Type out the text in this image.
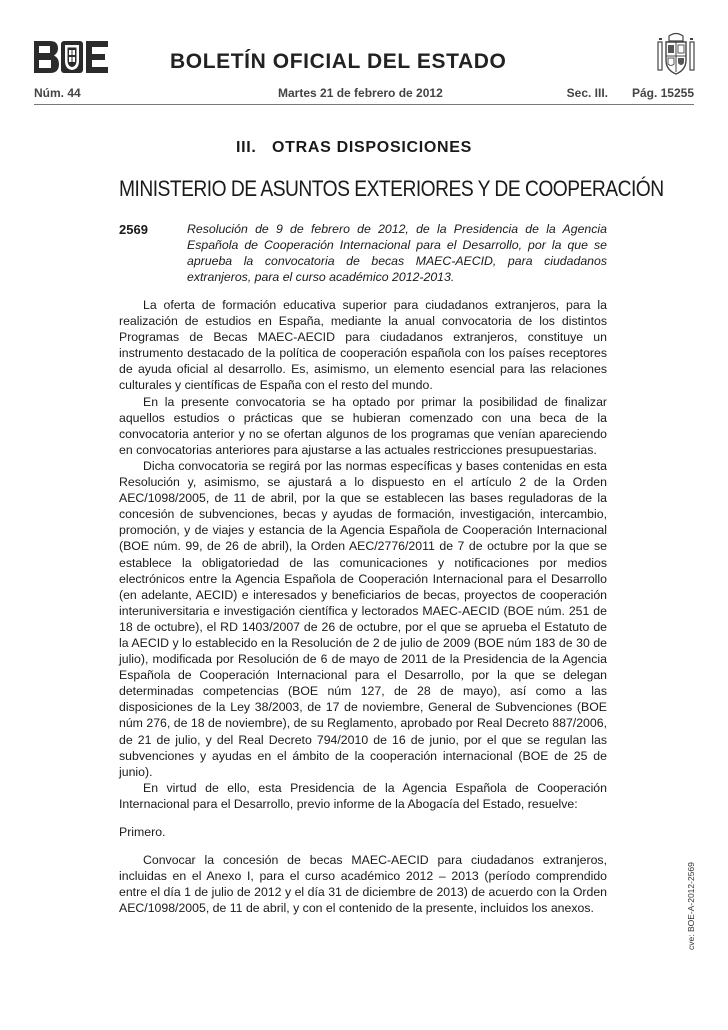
BOLETÍN OFICIAL DEL ESTADO
Núm. 44	Martes 21 de febrero de 2012	Sec. III. Pág. 15255
III.   OTRAS DISPOSICIONES
MINISTERIO DE ASUNTOS EXTERIORES Y DE COOPERACIÓN
2569	Resolución de 9 de febrero de 2012, de la Presidencia de la Agencia Española de Cooperación Internacional para el Desarrollo, por la que se aprueba la convocatoria de becas MAEC-AECID, para ciudadanos extranjeros, para el curso académico 2012-2013.

La oferta de formación educativa superior para ciudadanos extranjeros, para la realización de estudios en España, mediante la anual convocatoria de los distintos Programas de Becas MAEC-AECID para ciudadanos extranjeros, constituye un instrumento destacado de la política de cooperación española con los países receptores de ayuda oficial al desarrollo. Es, asimismo, un elemento esencial para las relaciones culturales y científicas de España con el resto del mundo.

En la presente convocatoria se ha optado por primar la posibilidad de finalizar aquellos estudios o prácticas que se hubieran comenzado con una beca de la convocatoria anterior y no se ofertan algunos de los programas que venían apareciendo en convocatorias anteriores para ajustarse a las actuales restricciones presupuestarias.

Dicha convocatoria se regirá por las normas específicas y bases contenidas en esta Resolución y, asimismo, se ajustará a lo dispuesto en el artículo 2 de la Orden AEC/1098/2005, de 11 de abril, por la que se establecen las bases reguladoras de la concesión de subvenciones, becas y ayudas de formación, investigación, intercambio, promoción, y de viajes y estancia de la Agencia Española de Cooperación Internacional (BOE núm. 99, de 26 de abril), la Orden AEC/2776/2011 de 7 de octubre por la que se establece la obligatoriedad de las comunicaciones y notificaciones por medios electrónicos entre la Agencia Española de Cooperación Internacional para el Desarrollo (en adelante, AECID) e interesados y beneficiarios de becas, proyectos de cooperación interuniversitaria e investigación científica y lectorados MAEC-AECID (BOE núm. 251 de 18 de octubre), el RD 1403/2007 de 26 de octubre, por el que se aprueba el Estatuto de la AECID y lo establecido en la Resolución de 2 de julio de 2009 (BOE núm 183 de 30 de julio), modificada por Resolución de 6 de mayo de 2011 de la Presidencia de la Agencia Española de Cooperación Internacional para el Desarrollo, por la que se delegan determinadas competencias (BOE núm 127, de 28 de mayo), así como a las disposiciones de la Ley 38/2003, de 17 de noviembre, General de Subvenciones (BOE núm 276, de 18 de noviembre), de su Reglamento, aprobado por Real Decreto 887/2006, de 21 de julio, y del Real Decreto 794/2010 de 16 de junio, por el que se regulan las subvenciones y ayudas en el ámbito de la cooperación internacional (BOE de 25 de junio).

En virtud de ello, esta Presidencia de la Agencia Española de Cooperación Internacional para el Desarrollo, previo informe de la Abogacía del Estado, resuelve:

Primero.

Convocar la concesión de becas MAEC-AECID para ciudadanos extranjeros, incluidas en el Anexo I, para el curso académico 2012 – 2013 (período comprendido entre el día 1 de julio de 2012 y el día 31 de diciembre de 2013) de acuerdo con la Orden AEC/1098/2005, de 11 de abril, y con el contenido de la presente, incluidos los anexos.	cve: BOE-A-2012-2569
